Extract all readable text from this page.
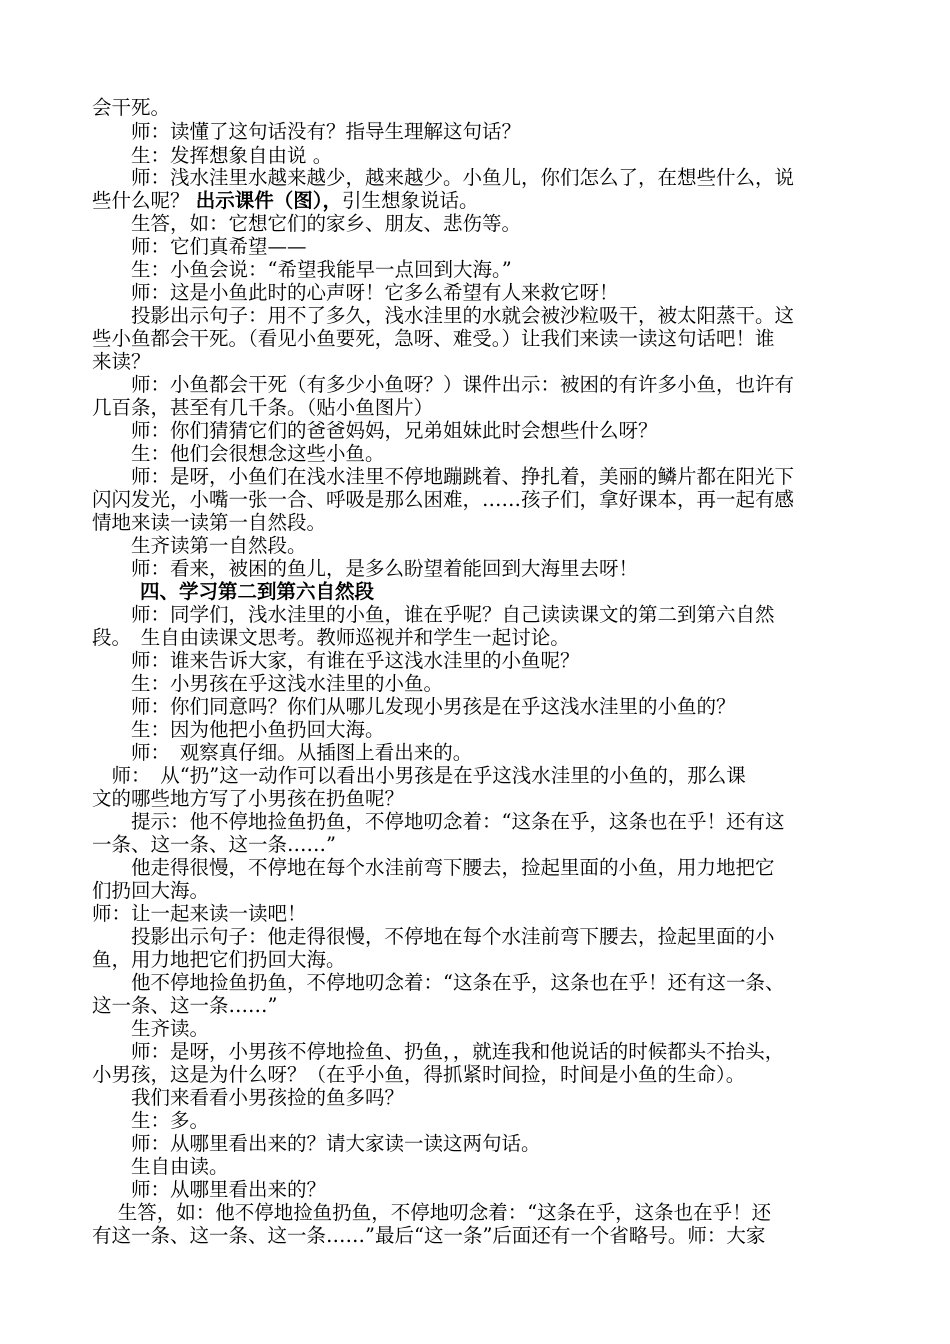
会干死。
　　师：读懂了这句话没有？指导生理解这句话？
　　生：发挥想象自由说 。
　　师：浅水洼里水越来越少，越来越少。小鱼儿，你们怎么了，在想些什么，说
些什么呢？ 出示课件（图），引生想象说话。
　　生答，如：它想它们的家乡、朋友、悲伤等。
　　师：它们真希望——
　　生：小鱼会说：“希望我能早一点回到大海。”
　　师：这是小鱼此时的心声呀！它多么希望有人来救它呀！
　　投影出示句子：用不了多久，浅水洼里的水就会被沙粒吸干，被太阳蒸干。这
些小鱼都会干死。（看见小鱼要死，急呀、难受。）让我们来读一读这句话吧！谁
来读？
　　师：小鱼都会干死（有多少小鱼呀？）课件出示：被困的有许多小鱼，也许有
几百条，甚至有几千条。（贴小鱼图片）
　　师：你们猜猜它们的爸爸妈妈，兄弟姐妹此时会想些什么呀？
　　生：他们会很想念这些小鱼。
　　师：是呀，小鱼们在浅水洼里不停地蹦跳着、挣扎着，美丽的鳞片都在阳光下
闪闪发光，小嘴一张一合、呼吸是那么困难，……孩子们，拿好课本，再一起有感
情地来读一读第一自然段。
　　生齐读第一自然段。
　　师：看来，被困的鱼儿，是多么盼望着能回到大海里去呀！
四、学习第二到第六自然段
　　师：同学们，浅水洼里的小鱼，谁在乎呢？自己读读课文的第二到第六自然
段。　生自由读课文思考。教师巡视并和学生一起讨论。
　　师：谁来告诉大家，有谁在乎这浅水洼里的小鱼呢？
　　生：小男孩在乎这浅水洼里的小鱼。
　　师：你们同意吗？你们从哪儿发现小男孩是在乎这浅水洼里的小鱼的？
　　生：因为他把小鱼扔回大海。
　　师：　观察真仔细。从插图上看出来的。
　师：　从“扔”这一动作可以看出小男孩是在乎这浅水洼里的小鱼的，那么课
文的哪些地方写了小男孩在扔鱼呢？
　　提示：他不停地捡鱼扔鱼，不停地叨念着：“这条在乎，这条也在乎！还有这
一条、这一条、这一条……”
　　他走得很慢，不停地在每个水洼前弯下腰去，捡起里面的小鱼，用力地把它
们扔回大海。
师：让一起来读一读吧！
　　投影出示句子：他走得很慢，不停地在每个水洼前弯下腰去，捡起里面的小
鱼，用力地把它们扔回大海。
　　他不停地捡鱼扔鱼，不停地叨念着：“这条在乎，这条也在乎！还有这一条、
这一条、这一条……”
　　生齐读。
　　师：是呀，小男孩不停地捡鱼、扔鱼，，就连我和他说话的时候都头不抬头，
小男孩，这是为什么呀？（在乎小鱼，得抓紧时间捡，时间是小鱼的生命）。
　　我们来看看小男孩捡的鱼多吗？
　　生：多。
　　师：从哪里看出来的？请大家读一读这两句话。
　　生自由读。
　　师：从哪里看出来的？
　 生答，如：他不停地捡鱼扔鱼，不停地叨念着：“这条在乎，这条也在乎！还
有这一条、这一条、这一条……”最后“这一条”后面还有一个省略号。师：大家
